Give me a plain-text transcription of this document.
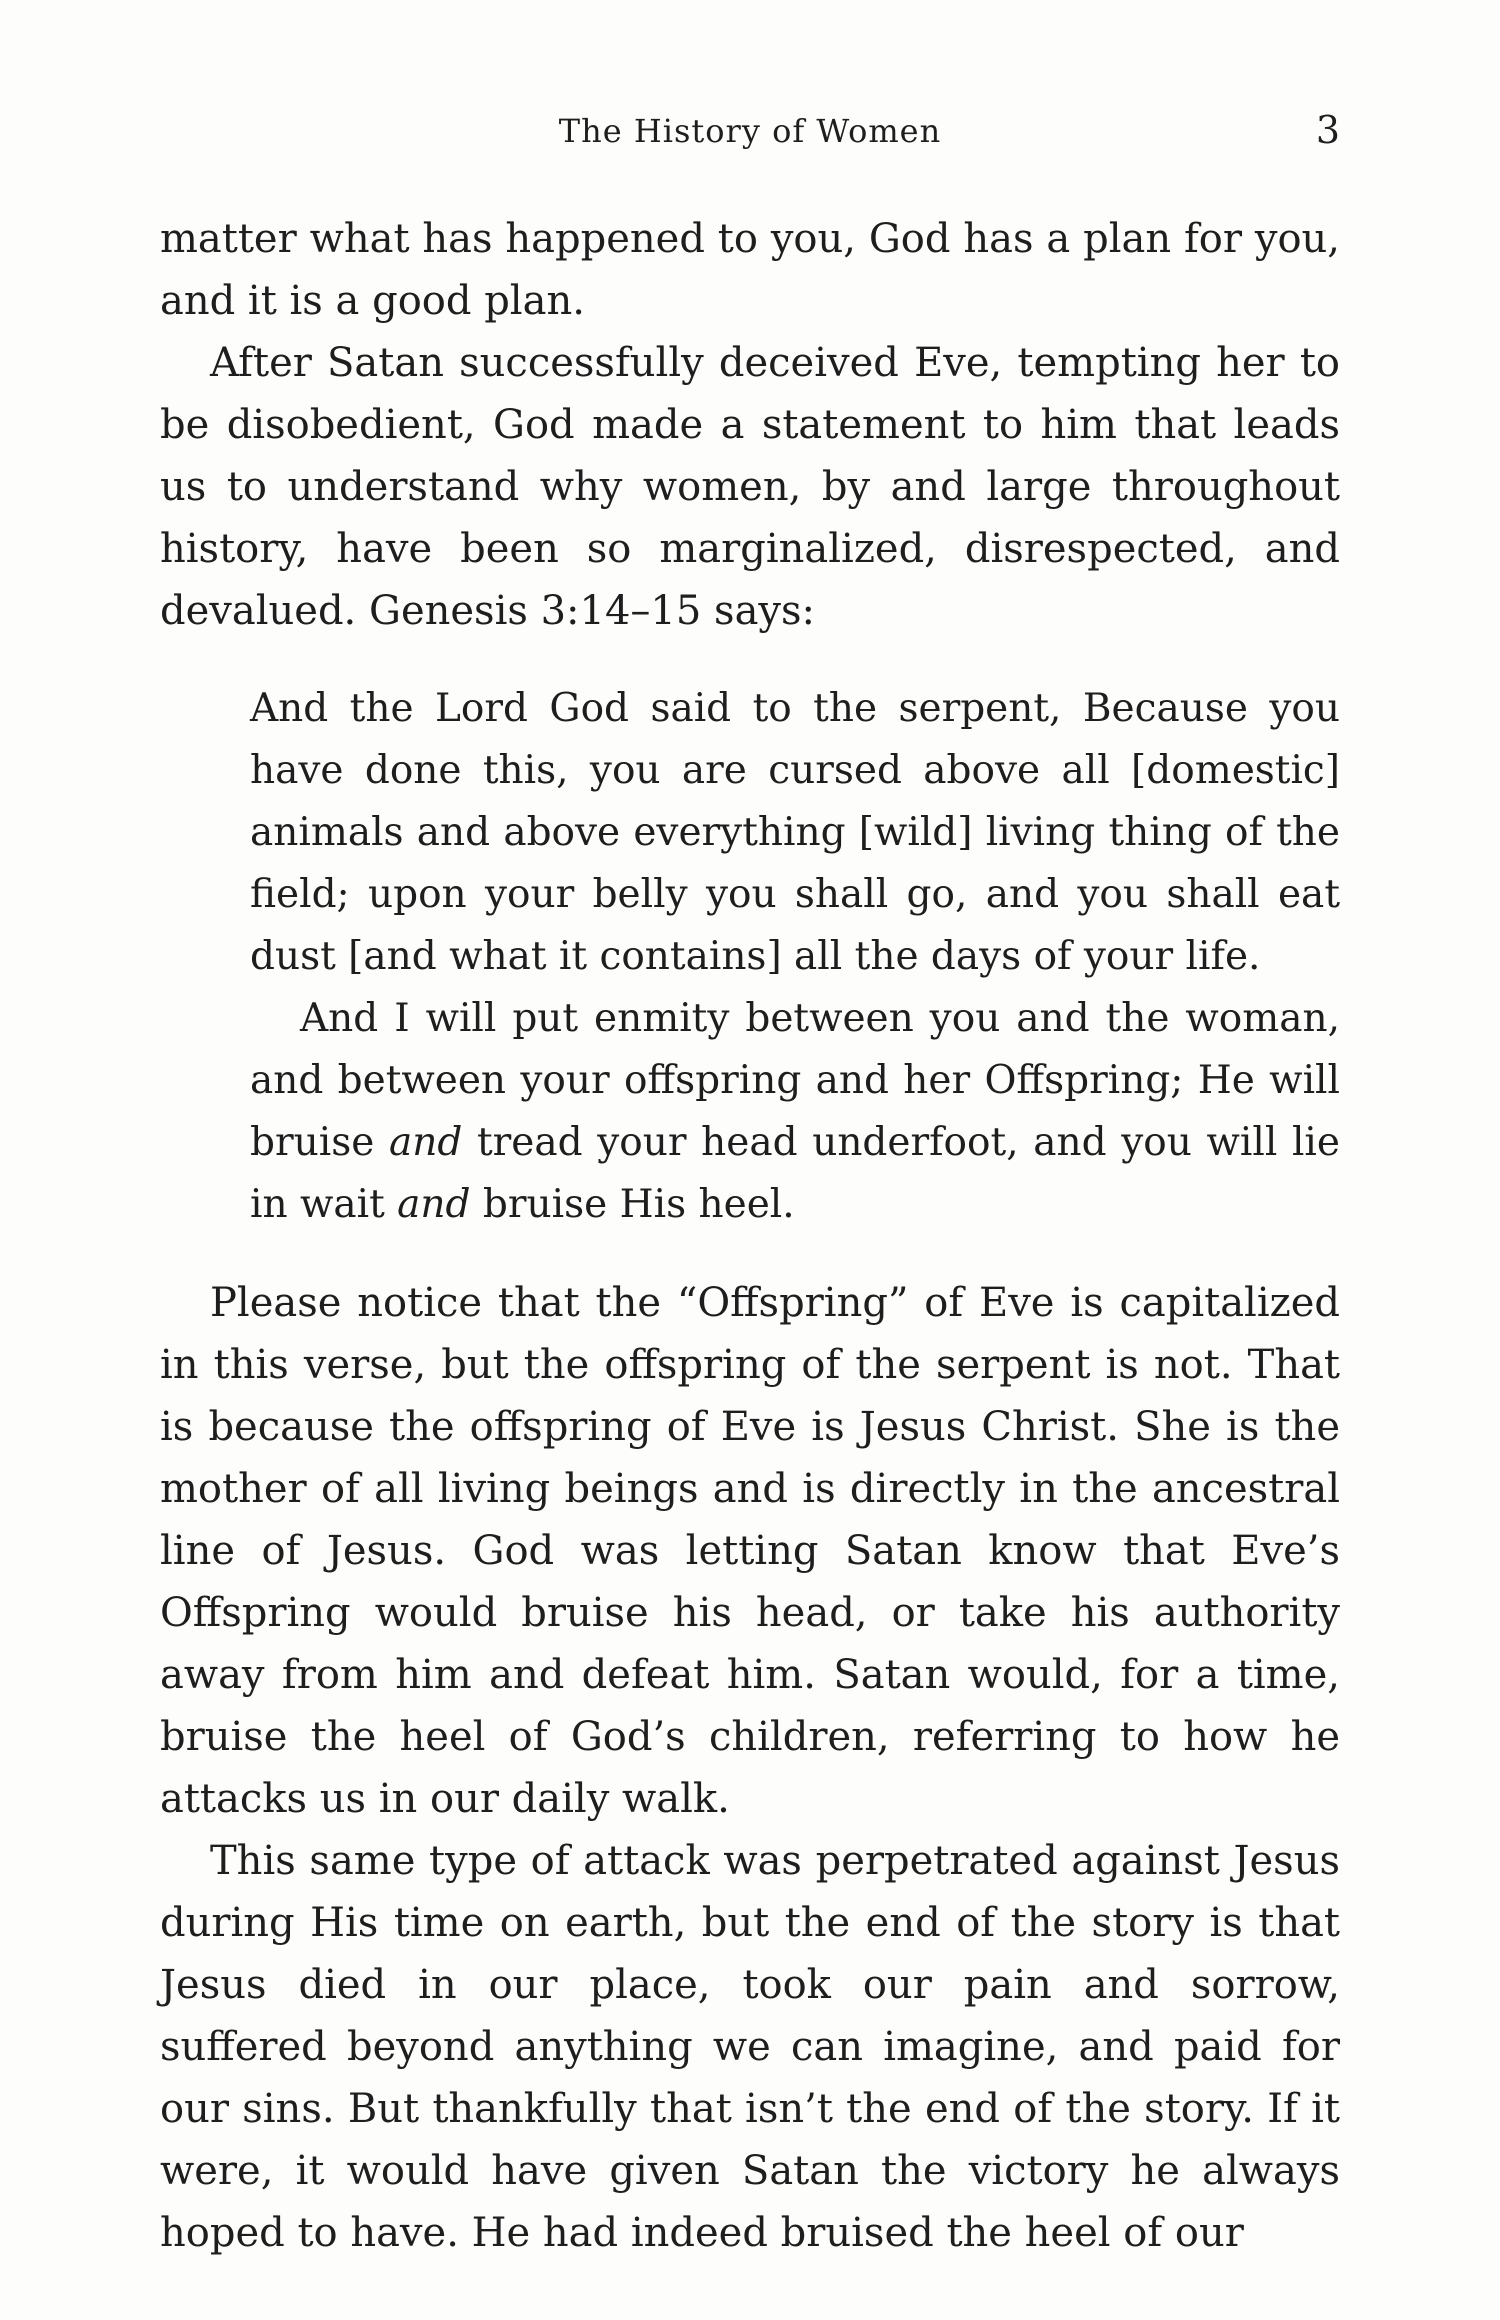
The History of Women	3

matter what has happened to you, God has a plan for you, and it is a good plan.

After Satan successfully deceived Eve, tempting her to be disobedient, God made a statement to him that leads us to understand why women, by and large throughout history, have been so marginalized, disrespected, and devalued. Genesis 3:14–15 says:

And the Lord God said to the serpent, Because you have done this, you are cursed above all [domestic] animals and above everything [wild] living thing of the field; upon your belly you shall go, and you shall eat dust [and what it contains] all the days of your life.

And I will put enmity between you and the woman, and between your offspring and her Offspring; He will bruise and tread your head underfoot, and you will lie in wait and bruise His heel.

Please notice that the “Offspring” of Eve is capitalized in this verse, but the offspring of the serpent is not. That is because the offspring of Eve is Jesus Christ. She is the mother of all living beings and is directly in the ancestral line of Jesus. God was letting Satan know that Eve’s Offspring would bruise his head, or take his authority away from him and defeat him. Satan would, for a time, bruise the heel of God’s children, referring to how he attacks us in our daily walk.

This same type of attack was perpetrated against Jesus during His time on earth, but the end of the story is that Jesus died in our place, took our pain and sorrow, suffered beyond anything we can imagine, and paid for our sins. But thankfully that isn’t the end of the story. If it were, it would have given Satan the victory he always hoped to have. He had indeed bruised the heel of our
